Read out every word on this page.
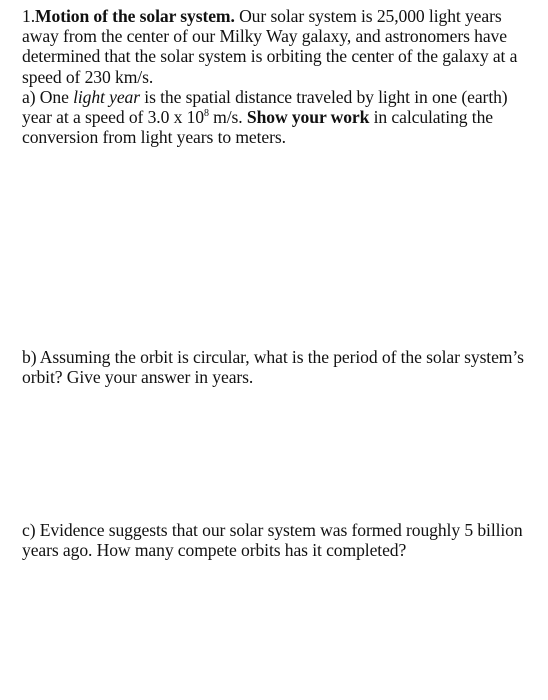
1.Motion of the solar system. Our solar system is 25,000 light years away from the center of our Milky Way galaxy, and astronomers have determined that the solar system is orbiting the center of the galaxy at a speed of 230 km/s.

a) One light year is the spatial distance traveled by light in one (earth) year at a speed of 3.0 x $10^8$ m/s. Show your work in calculating the conversion from light years to meters.

b) Assuming the orbit is circular, what is the period of the solar system’s orbit? Give your answer in years.

c) Evidence suggests that our solar system was formed roughly 5 billion years ago. How many compete orbits has it completed?
